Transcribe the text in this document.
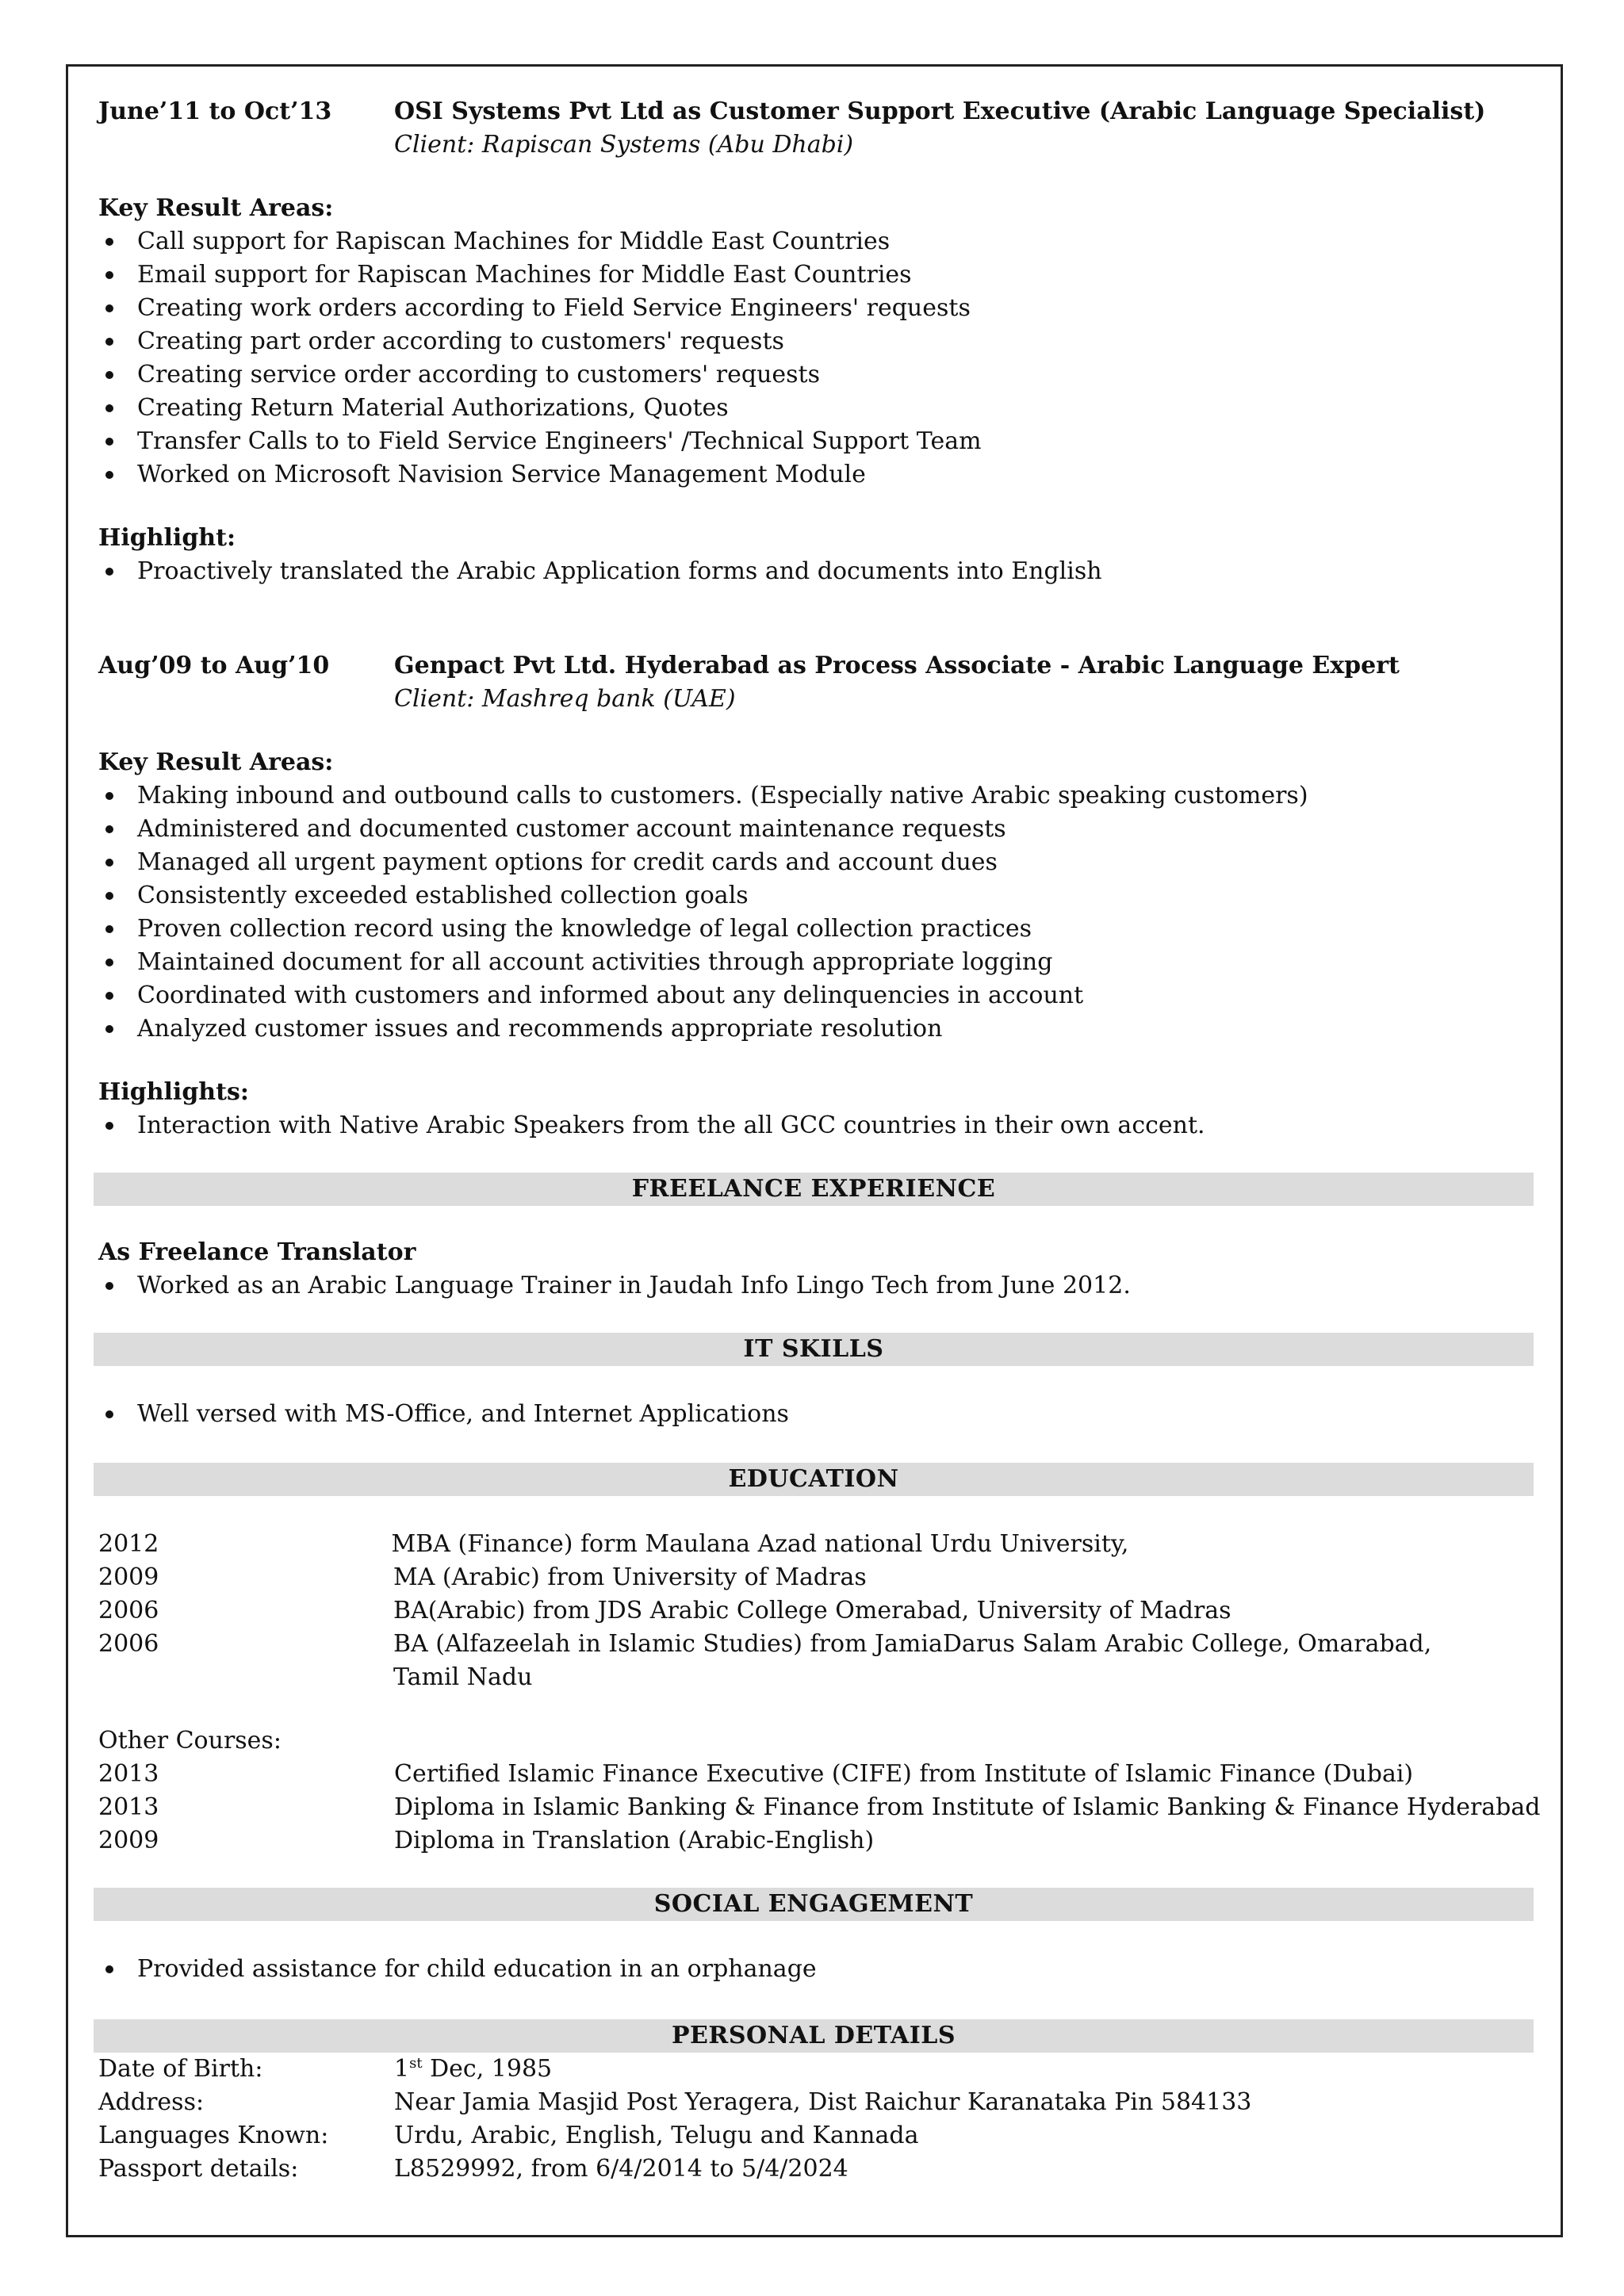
June’11 to Oct’13	OSI Systems Pvt Ltd as Customer Support Executive (Arabic Language Specialist)
Client: Rapiscan Systems (Abu Dhabi)
Key Result Areas:
Call support for Rapiscan Machines for Middle East Countries
Email support for Rapiscan Machines for Middle East Countries
Creating work orders according to Field Service Engineers' requests
Creating part order according to customers' requests
Creating service order according to customers' requests
Creating Return Material Authorizations, Quotes
Transfer Calls to to Field Service Engineers' /Technical Support Team
Worked on Microsoft Navision Service Management Module
Highlight:
Proactively translated the Arabic Application forms and documents into English
Aug’09 to Aug’10	Genpact Pvt Ltd. Hyderabad as Process Associate - Arabic Language Expert
Client: Mashreq bank (UAE)
Key Result Areas:
Making inbound and outbound calls to customers. (Especially native Arabic speaking customers)
Administered and documented customer account maintenance requests
Managed all urgent payment options for credit cards and account dues
Consistently exceeded established collection goals
Proven collection record using the knowledge of legal collection practices
Maintained document for all account activities through appropriate logging
Coordinated with customers and informed about any delinquencies in account
Analyzed customer issues and recommends appropriate resolution
Highlights:
Interaction with Native Arabic Speakers from the all GCC countries in their own accent.
FREELANCE EXPERIENCE
As Freelance Translator
Worked as an Arabic Language Trainer in Jaudah Info Lingo Tech from June 2012.
IT SKILLS
Well versed with MS-Office, and Internet Applications
EDUCATION
2012	MBA (Finance) form Maulana Azad national Urdu University,
2009	MA (Arabic) from University of Madras
2006	BA(Arabic) from JDS Arabic College Omerabad, University of Madras
2006	BA (Alfazeelah in Islamic Studies) from JamiaDarus Salam Arabic College, Omarabad, Tamil Nadu
Other Courses:
2013	Certified Islamic Finance Executive (CIFE) from Institute of Islamic Finance (Dubai)
2013	Diploma in Islamic Banking & Finance from Institute of Islamic Banking & Finance Hyderabad
2009	Diploma in Translation (Arabic-English)
SOCIAL ENGAGEMENT
Provided assistance for child education in an orphanage
PERSONAL DETAILS
Date of Birth:	1st Dec, 1985
Address:	Near Jamia Masjid Post Yeragera, Dist Raichur Karanataka Pin 584133
Languages Known:	Urdu, Arabic, English, Telugu and Kannada
Passport details:	L8529992, from 6/4/2014 to 5/4/2024
